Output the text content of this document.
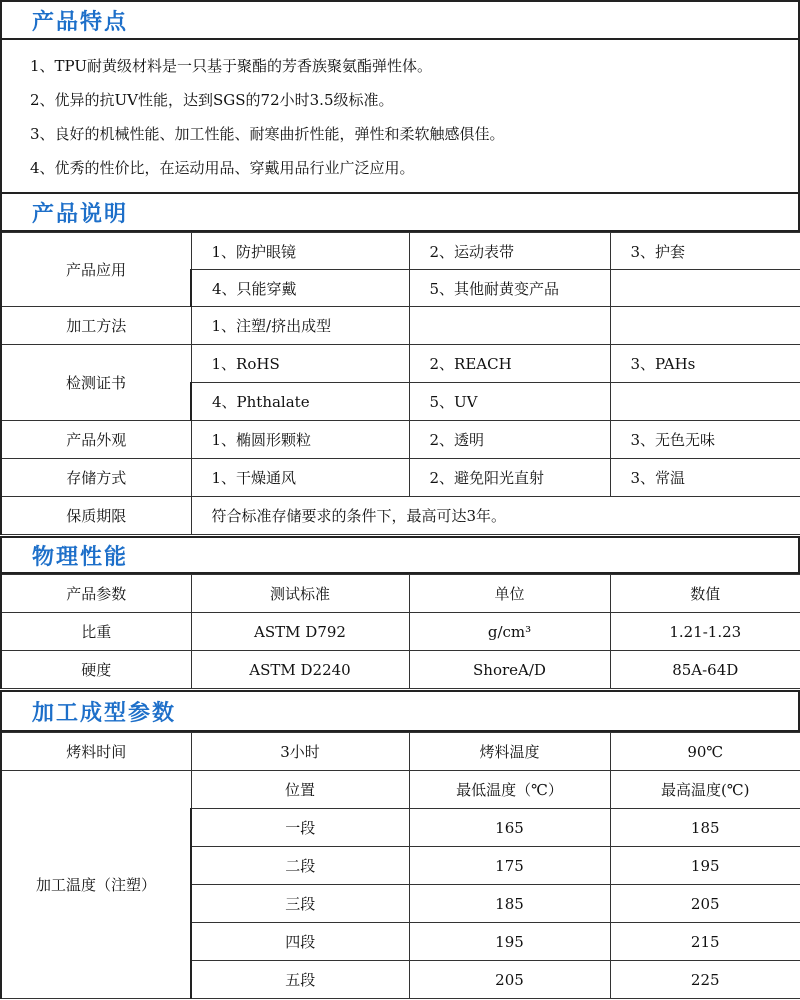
产品特点
1、TPU耐黄级材料是一只基于聚酯的芳香族聚氨酯弹性体。
2、优异的抗UV性能，达到SGS的72小时3.5级标准。
3、良好的机械性能、加工性能、耐寒曲折性能，弹性和柔软触感俱佳。
4、优秀的性价比，在运动用品、穿戴用品行业广泛应用。
产品说明
产品应用	1、防护眼镜	2、运动表带	3、护套
	4、只能穿戴	5、其他耐黄变产品	
加工方法	1、注塑/挤出成型		
检测证书	1、RoHS	2、REACH	3、PAHs
	4、Phthalate	5、UV	
产品外观	1、椭圆形颗粒	2、透明	3、无色无味
存储方式	1、干燥通风	2、避免阳光直射	3、常温
保质期限	符合标准存储要求的条件下，最高可达3年。		
物理性能
产品参数	测试标准	单位	数值
比重	ASTM D792	g/cm³	1.21-1.23
硬度	ASTM D2240	ShoreA/D	85A-64D
加工成型参数
烤料时间	3小时	烤料温度	90℃
加工温度（注塑）	位置	最低温度（℃）	最高温度(℃)
	一段	165	185
	二段	175	195
	三段	185	205
	四段	195	215
	五段	205	225
